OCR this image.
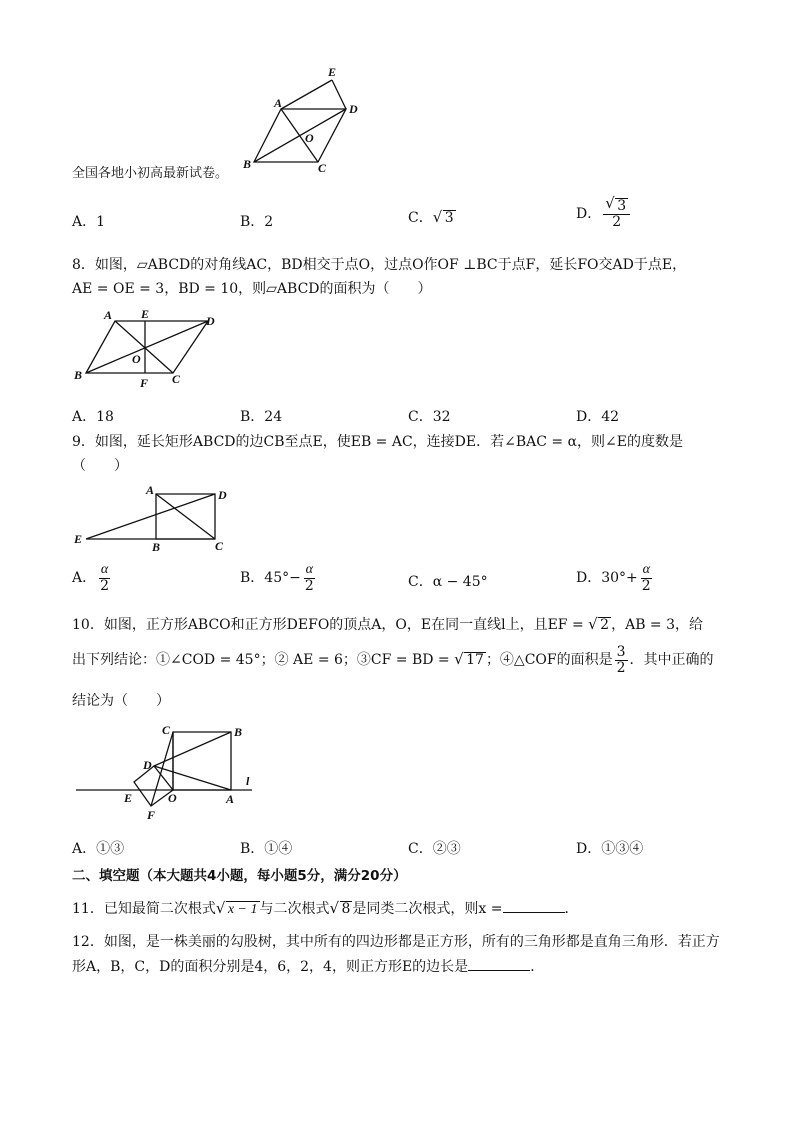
A
E
D
O
B	C
全国各地小初高最新试卷。
A．1	B．2	C． √ 3	D． √ $\frac{3}{2}$
8．如图，▱ABCD的对角线AC，BD相交于点O，过点O作OF ⊥BC于点F，延长FO交AD于点E，
AE = OE = 3，BD = 10，则▱ABCD的面积为（　　）
A E	D
O
B
F C
A．18	B．24	C．32	D．42
9．如图，延长矩形ABCD的边CB至点E，使EB = AC，连接DE．若∠BAC = α，则∠E的度数是
（　　）
A	D
E
B	C
A． $\frac{\alpha}{2}$	B．$45^\circ- \frac{\alpha}{2}$	C．α − 45°	D．$30^\circ+ \frac{\alpha}{2}$
10．如图，正方形ABCO和正方形DEFO的顶点A，O，E在同一直线l上，且EF = √ 2 ，AB = 3，给
出下列结论：①∠COD = 45°；② AE = 6；③CF = BD = √ 17 ；④△COF的面积是 $\frac{3}{2}$ ．其中正确的
结论为（　　）
C	B
D
l
E	O	A
F
A．①③	B．①④	C．②③	D．①③④
二、填空题（本大题共4小题，每小题5分，满分20分）
11．已知最简二次根式 √ x − 1 与二次根式 √ 8 是同类二次根式，则x =	．
12．如图，是一株美丽的勾股树，其中所有的四边形都是正方形，所有的三角形都是直角三角形．若正方
形A，B，C，D的面积分别是4，6，2，4，则正方形E的边长是	．
